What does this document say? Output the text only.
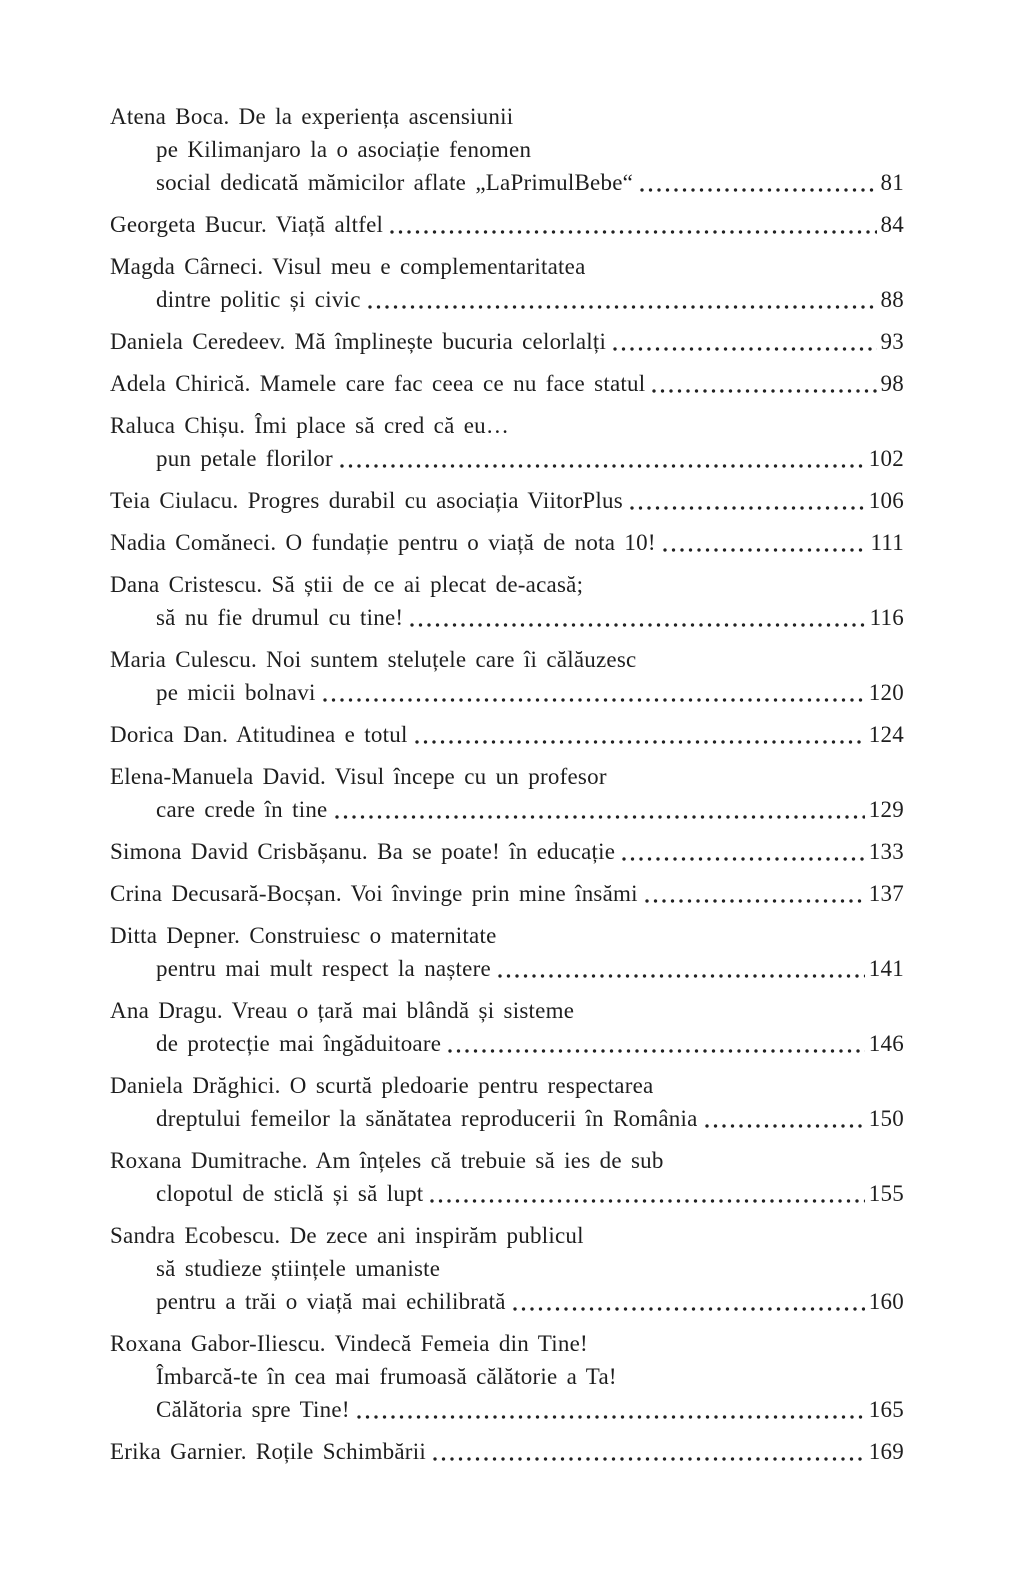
Atena Boca. De la experiența ascensiunii
pe Kilimanjaro la o asociație fenomen
social dedicată mămicilor aflate „LaPrimulBebe“	81
Georgeta Bucur. Viață altfel	84
Magda Cârneci. Visul meu e complementaritatea
dintre politic și civic	88
Daniela Ceredeev. Mă împlinește bucuria celorlalți	93
Adela Chirică. Mamele care fac ceea ce nu face statul	98
Raluca Chișu. Îmi place să cred că eu…
pun petale florilor	102
Teia Ciulacu. Progres durabil cu asociația ViitorPlus	106
Nadia Comăneci. O fundație pentru o viață de nota 10!	111
Dana Cristescu. Să știi de ce ai plecat de-acasă;
să nu fie drumul cu tine!	116
Maria Culescu. Noi suntem steluțele care îi călăuzesc
pe micii bolnavi	120
Dorica Dan. Atitudinea e totul	124
Elena-Manuela David. Visul începe cu un profesor
care crede în tine	129
Simona David Crisbășanu. Ba se poate! în educație	133
Crina Decusară-Bocșan. Voi învinge prin mine însămi	137
Ditta Depner. Construiesc o maternitate
pentru mai mult respect la naștere	141
Ana Dragu. Vreau o țară mai blândă și sisteme
de protecție mai îngăduitoare	146
Daniela Drăghici. O scurtă pledoarie pentru respectarea
dreptului femeilor la sănătatea reproducerii în România	150
Roxana Dumitrache. Am înțeles că trebuie să ies de sub
clopotul de sticlă și să lupt	155
Sandra Ecobescu. De zece ani inspirăm publicul
să studieze științele umaniste
pentru a trăi o viață mai echilibrată	160
Roxana Gabor-Iliescu. Vindecă Femeia din Tine!
Îmbarcă-te în cea mai frumoasă călătorie a Ta!
Călătoria spre Tine!	165
Erika Garnier. Roțile Schimbării	169
